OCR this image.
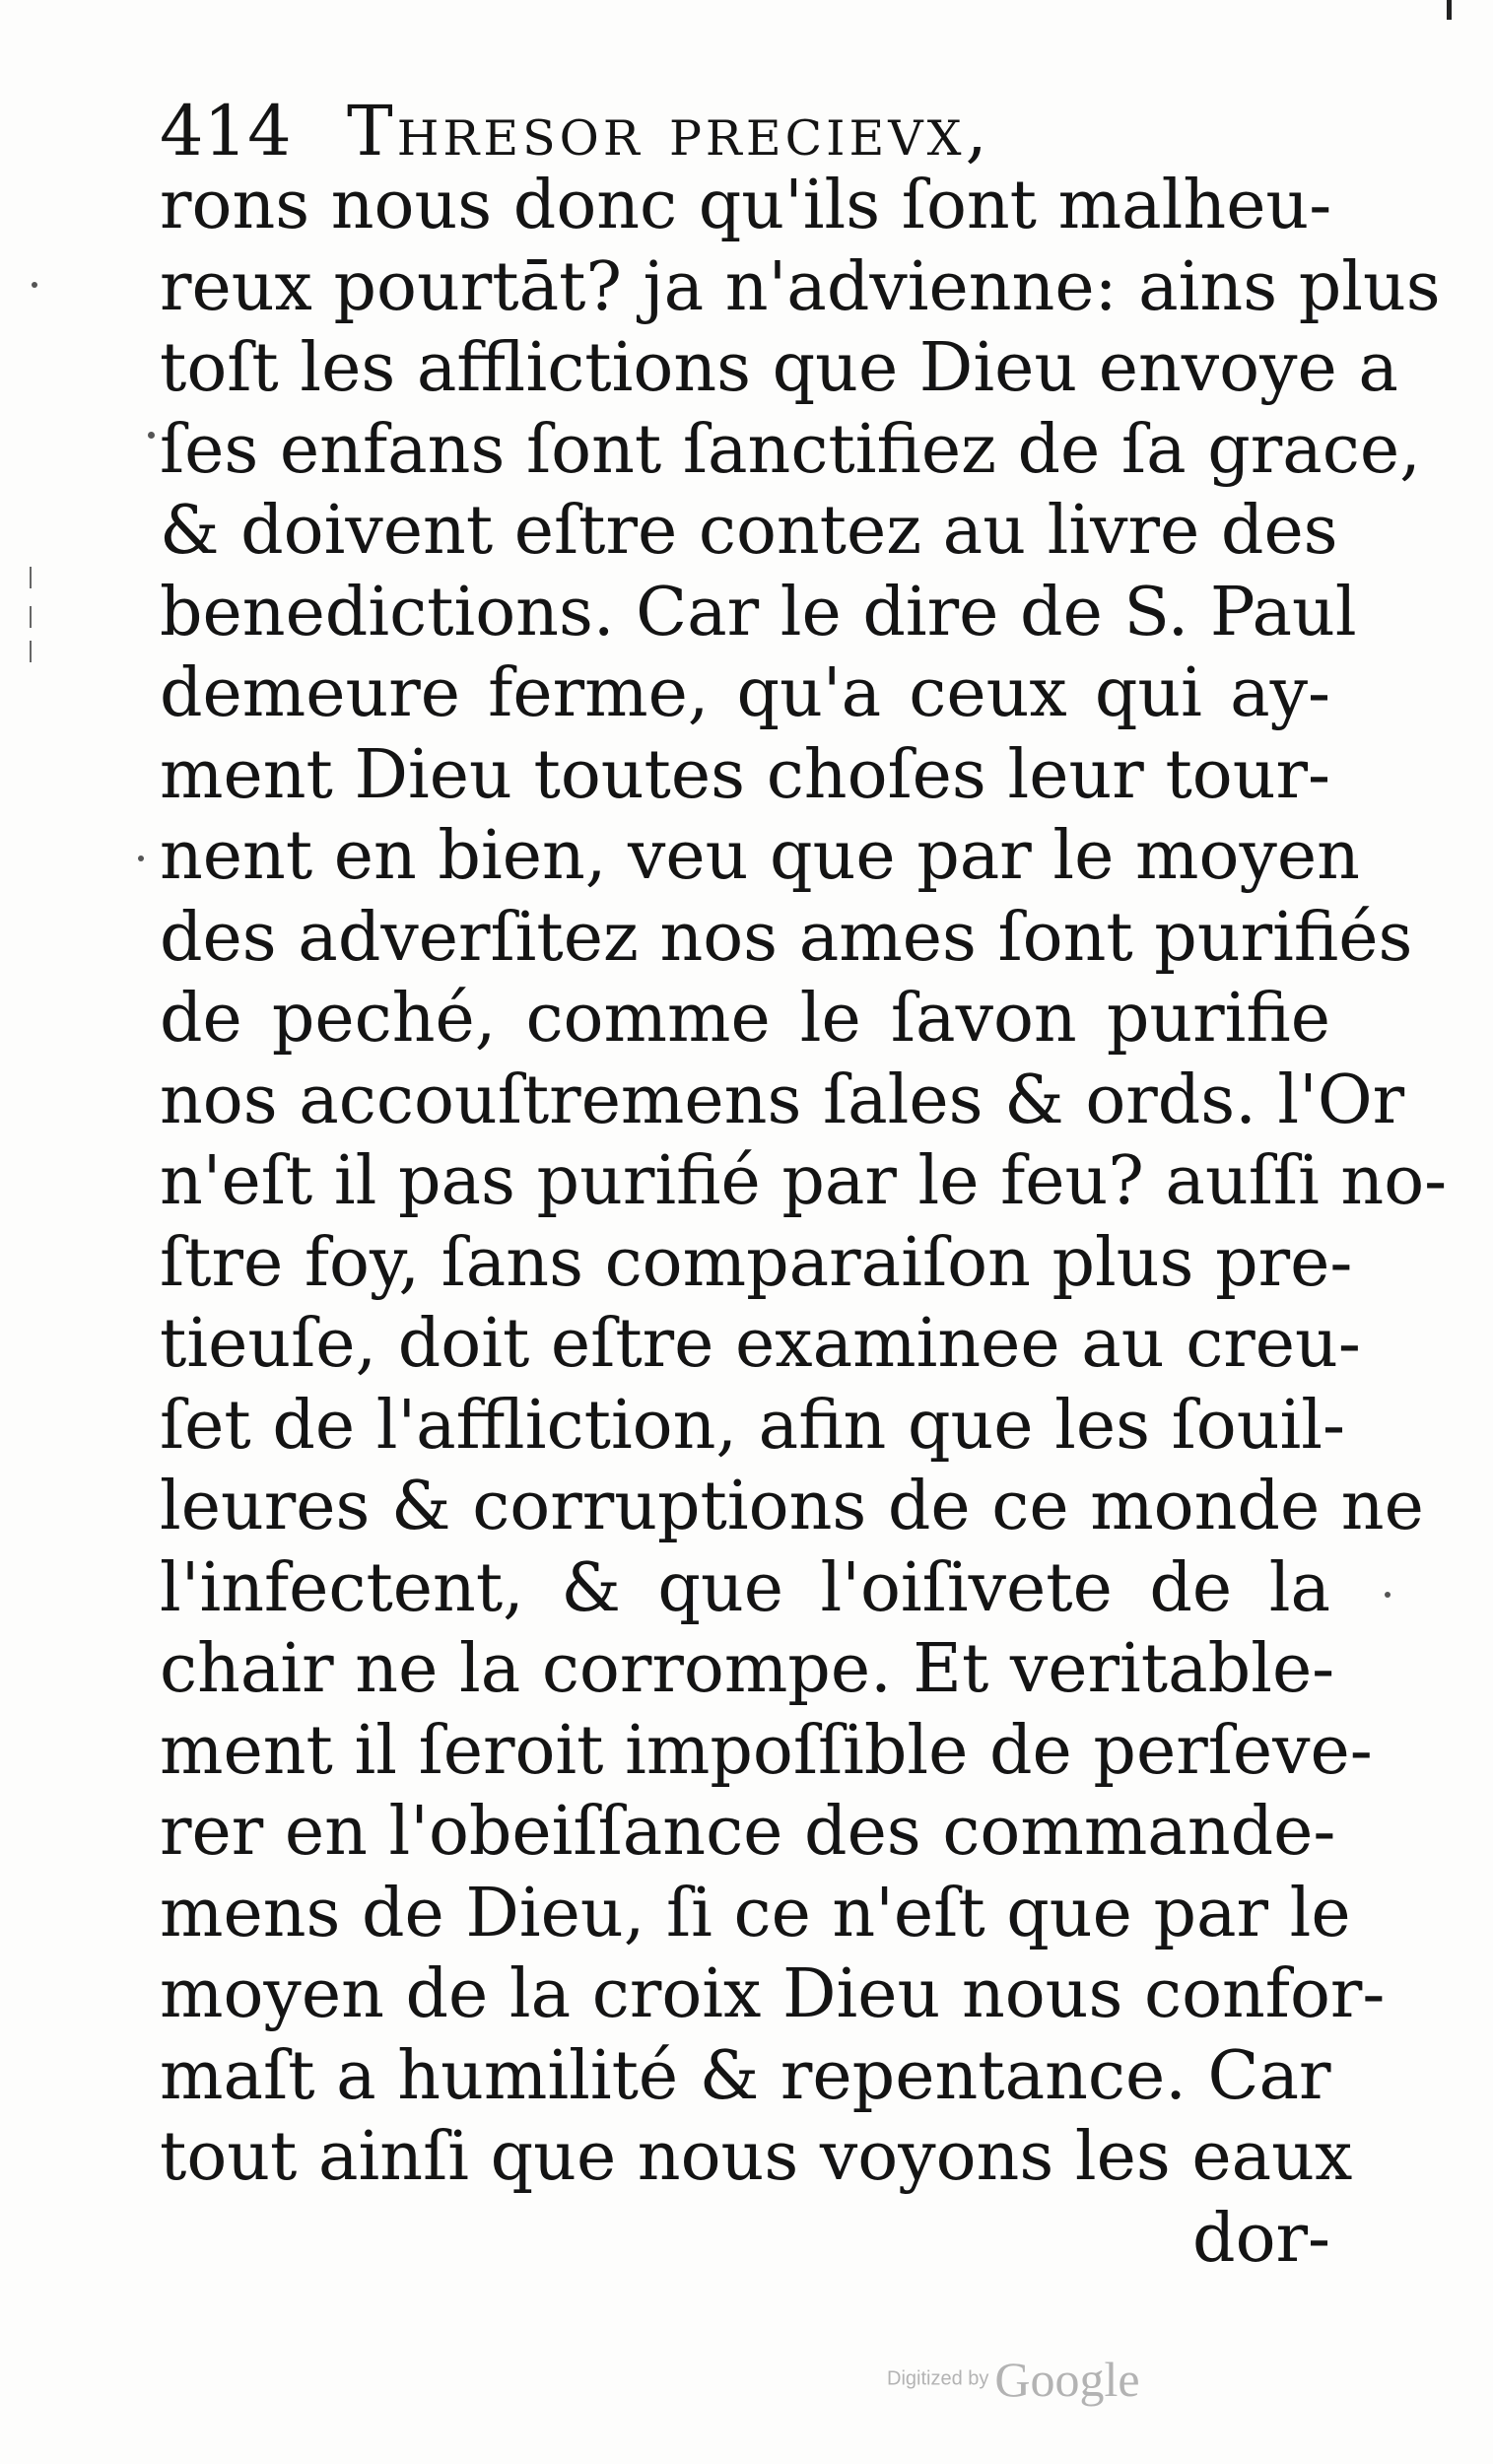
414 Thresor precievx,
rons nous donc qu'ils ſont malheu-
reux pourtāt? ja n'advienne: ains plus
toſt les afflictions que Dieu envoye a
ſes enfans ſont ſanctifiez de ſa grace,
& doivent eſtre contez au livre des
benedictions. Car le dire de S. Paul
demeure ferme, qu'a ceux qui ay-
ment Dieu toutes choſes leur tour-
nent en bien, veu que par le moyen
des adverſitez nos ames ſont purifiés
de peché, comme le ſavon purifie
nos accouſtremens ſales & ords. l'Or
n'eſt il pas purifié par le feu? auſſi no-
ſtre foy, ſans comparaiſon plus pre-
tieuſe, doit eſtre examinee au creu-
ſet de l'affliction, afin que les ſouil-
leures & corruptions de ce monde ne
l'infectent, & que l'oiſivete de la
chair ne la corrompe. Et veritable-
ment il ſeroit impoſſible de perſeve-
rer en l'obeiſſance des commande-
mens de Dieu, ſi ce n'eſt que par le
moyen de la croix Dieu nous confor-
maſt a humilité & repentance. Car
tout ainſi que nous voyons les eaux
dor-
Digitized by Google
